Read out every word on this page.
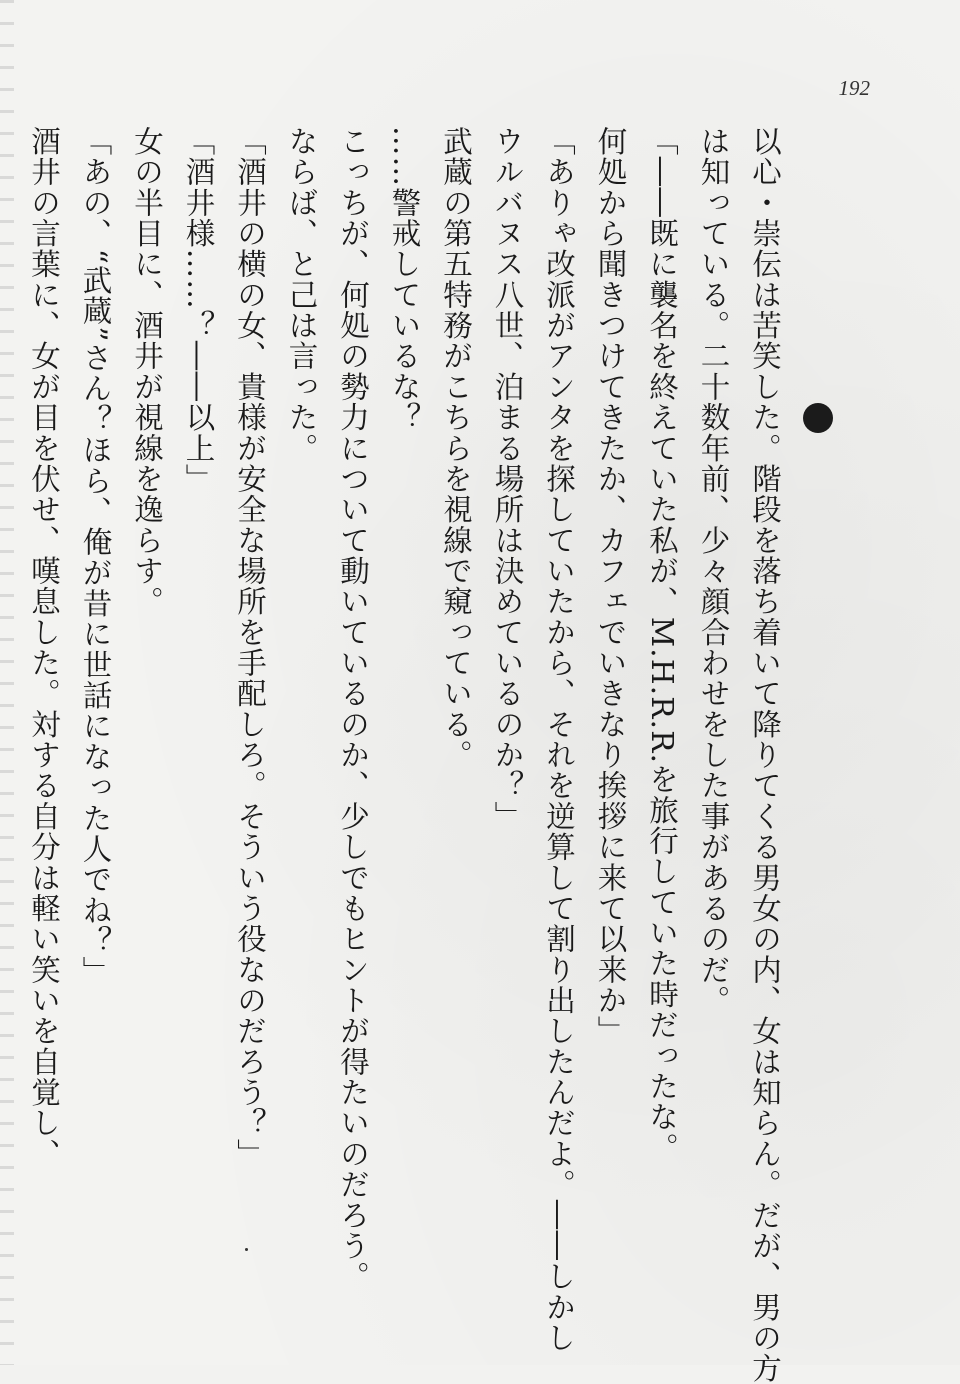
192
以心・崇伝は苦笑した。階段を落ち着いて降りてくる男女の内、女は知らん。だが、男の方
は知っている。二十数年前、少々顔合わせをした事があるのだ。
「――既に襲名を終えていた私が、M.H.R.R.を旅行していた時だったな。
何処から聞きつけてきたか、カフェでいきなり挨拶に来て以来か」
「ありゃ改派がアンタを探していたから、それを逆算して割り出したんだよ。――しかし
ウルバヌス八世、泊まる場所は決めているのか？」
武蔵の第五特務がこちらを視線で窺っている。
……警戒しているな？
こっちが、何処の勢力について動いているのか、少しでもヒントが得たいのだろう。
ならば、と己は言った。
「酒井の横の女、貴様が安全な場所を手配しろ。そういう役なのだろう？」
「酒井様……？――以上」
女の半目に、酒井が視線を逸らす。
「あの、“武蔵”さん？ほら、俺が昔に世話になった人でね？」
酒井の言葉に、女が目を伏せ、嘆息した。対する自分は軽い笑いを自覚し、
